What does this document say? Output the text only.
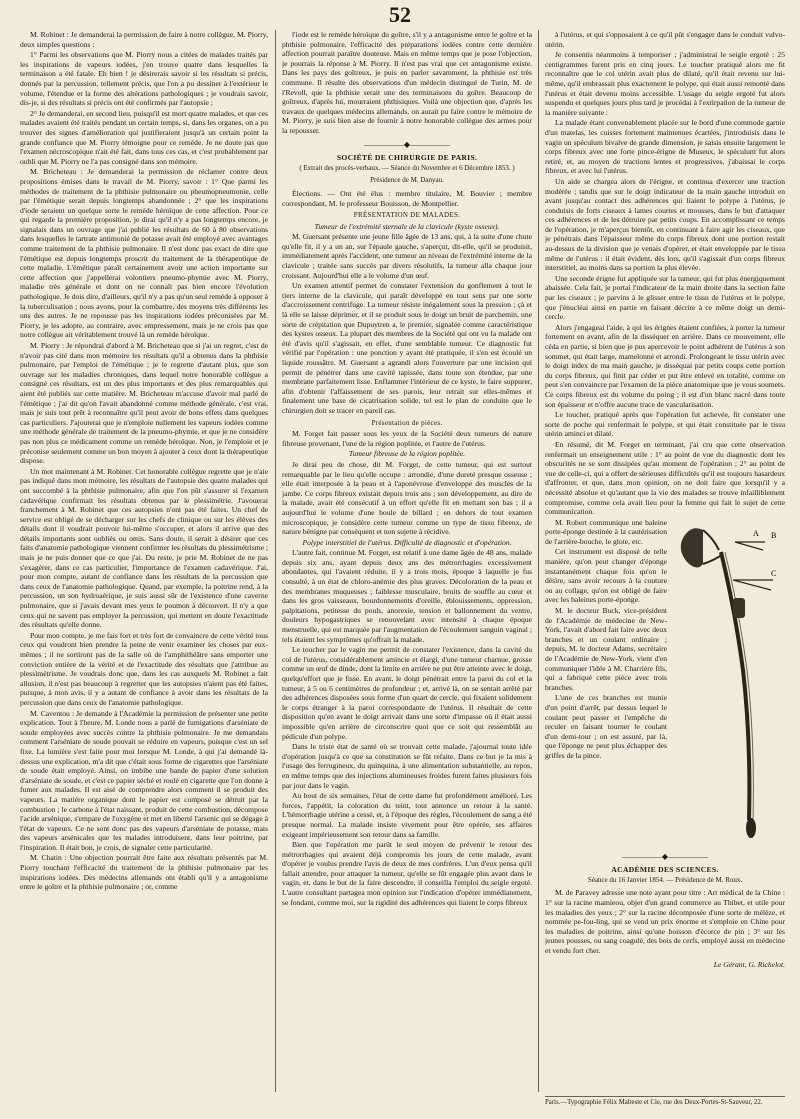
52

M. Robinet : Je demanderai la permission de faire à notre collègue, M. Piorry, deux simples questions :

1° Parmi les observations que M. Piorry nous a citées de malades traités par les inspirations de vapeurs iodées, j'en trouve quatre dans lesquelles la terminaison a été fatale. Eh bien ! je désirerais savoir si les résultats si précis, donnés par la percussion, tellement précis, que l'on a pu dessiner à l'extérieur le volume, l'étendue et la forme des altérations pathologiques ; je voudrais savoir, dis-je, si des résultats si précis ont été confirmés par l'autopsie ;

2° Je demanderai, en second lieu, puisqu'il est mort quatre malades, et que ces malades avaient été traités pendant un certain temps, si, dans les organes, on a pu trouver des signes d'amélioration qui justifieraient jusqu'à un certain point la grande confiance que M. Piorry témoigne pour ce remède. Je ne doute pas que l'examen nécroscopique n'ait été fait, dans tous ces cas, et c'est probablement par oubli que M. Piorry ne l'a pas consigné dans son mémoire.

M. Bricheteau : Je demanderai la permission de réclamer contre deux propositions émises dans le travail de M. Piorry, savoir : 1° Que parmi les méthodes de traitement de la phthisie pulmonaire ou pheumopneumonie, celle par l'émétique serait depuis longtemps abandonnée ; 2° que les inspirations d'iode seraient un quelque sorte le remède héroïque de cette affection. Pour ce qui regarde la première proposition, je dirai qu'il n'y a pas longtemps encore, je signalais dans un ouvrage que j'ai publié les résultats de 60 à 80 observations dans lesquelles le tartrate antimonié de potasse avait été employé avec avantages comme traitement de la phthisie pulmonaire. Il n'est donc pas exact de dire que l'émétique est depuis longtemps proscrit du traitement de la thérapeutique de cette maladie. L'émétique paraît certainement avoir une action importante sur cette affection que j'appellerai volontiers pneumo-phymie avec M. Piorry, maladie très générale et dont on ne connaît pas bien encore l'évolution pathologique. Je dois dire, d'ailleurs, qu'il n'y a pas qu'un seul remède à opposer à la tuberculisation ; nous avons, pour la combattre, des moyens très différents les uns des autres. Je ne repousse pas les inspirations iodées préconisées par M. Piorry, je les adopte, au contraire, avec empressement, mais je ne crois pas que notre collègue ait véritablement trouvé là un remède héroïque.

M. Piorry : Je répondrai d'abord à M. Bricheteau que si j'ai un regret, c'est de n'avoir pas cité dans mon mémoire les résultats qu'il a obtenus dans la phthisie pulmonaire, par l'emploi de l'émétique ; je le regrette d'autant plus, que son ouvrage sur les maladies chroniques, dans lequel notre honorable collègue a consigné ces résultats, est un des plus importants et des plus remarquables qui aient été publiés sur cette matière. M. Bricheteau m'accuse d'avoir mal parlé de l'émétique ; j'ai dit qu'on l'avait abandonné comme méthode générale, c'est vrai, mais je suis tout prêt à reconnaître qu'il peut avoir de bons effets dans quelques cas particuliers. J'ajouterai que je n'emploie nullement les vapeurs iodées comme une méthode générale de traitement de la pneumo-phymie, et que je ne considère pas non plus ce médicament comme un remède héroïque. Non, je l'emploie et je préconise seulement comme un bon moyen à ajouter à ceux dont la thérapeutique dispose.

Un mot maintenant à M. Robinet. Cet honorable collègue regrette que je n'aie pas indiqué dans mon mémoire, les résultats de l'autopsie des quatre malades qui ont succombé à la phthisie pulmonaire, afin que l'on pût s'assurer si l'examen cadavérique confirmait les résultats obtenus par le plessimétrie. J'avouerai franchement à M. Robinet que ces autopsies n'ont pas été faites. Un chef de service est obligé de se décharger sur les chefs de clinique ou sur les élèves des détails dont il voudrait pouvoir lui-même s'occuper, et alors il arrive que des détails importants sont oubliés ou omis. Sans doute, il serait à désirer que ces faits d'anatomie pathologique viennent confirmer les résultats du plessimétrisme ; mais je ne puis donner que ce que j'ai. Du reste, je prie M. Robinet de ne pas s'exagérer, dans ce cas particulier, l'importance de l'examen cadavérique. J'ai, pour mon compte, autant de confiance dans les résultats de la percussion que dans ceux de l'anatomie pathologique. Quand, par exemple, la poitrine rend, à la percussion, un son hydroaérique, je suis aussi sûr de l'existence d'une caverne pulmonaire, que si j'avais devant mes yeux le poumon à découvert. Il n'y a que ceux qui ne savent pas employer la percussion, qui mettent en doute l'exactitude des résultats qu'elle donne.

Pour mon compte, je me fais fort et très fort de convaincre de cette vérité tous ceux qui voudront bien prendre la peine de venir examiner les choses par eux-mêmes ; il ne sortiront pas de la salle où de l'amphithéâtre sans emporter une conviction entière de la vérité et de l'exactitude des résultats que j'attribue au plessimétrisme. Je voudrais donc que, dans les cas auxquels M. Robinet a fait allusion, il n'est pas beaucoup à regretter que les autopsies n'aient pas été faites, puisque, à mon avis, il y a autant de confiance à avoir dans les résultats de la percussion que dans ceux de l'anatomie pathologique.

M. Caventou : Je demande à l'Académie la permission de présenter une petite explication. Tout à l'heure, M. Londe nous a parlé de fumigations d'arséniate de soude employées avec succès contre la phthisie pulmonaire. Je me demandais comment l'arséniate de soude pouvait se réduire en vapeurs, puisque c'est un sel fixe. La lumière s'est faite pour moi lorsque M. Londe, à qui j'ai demandé là-dessus une explication, m'a dit que c'était sous forme de cigarettes que l'arséniate de soude était employé. Ainsi, on imbibe une bande de papier d'une solution d'arséniate de soude, et c'est ce papier séché et roulé en cigarette que l'on donne à fumer aux malades. Il est aisé de comprendre alors comment il se produit des vapeurs. La matière organique dont le papier est composé se détruit par la combustion ; le carbone à l'état naissant, produit de cette combustion, décompose l'acide arsénique, s'empare de l'oxygène et met en liberté l'arsenic qui se dégage à l'état de vapeurs. Ce ne sont donc pas des vapeurs d'arséniate de potasse, mais des vapeurs arsénicales que les malades introduisent, dans leur poitrine, par l'inspiration. Il était bon, je crois, de signaler cette particularité.

M. Chatin : Une objection pourrait être faite aux résultats présentés par M. Piorry touchant l'efficacité du traitement de la phthisie pulmonaire par les inspirations iodées. Des médecins allemands ont établi qu'il y a antagonisme entre le goître et la phthisie pulmonaire ; or, comme

l'iode est le remède héroïque du goître, s'il y a antagonisme entre le goître et la phthisie pulmonaire, l'efficacité des préparations iodées contre cette dernière affection pourrait paraître douteuse. Mais en même temps que je pose l'objection, je pourrais la réponse à M. Piorry. Il n'est pas vrai que cet antagonisme existe. Dans les pays des goîtreux, je puis en parler savamment, la phthisie est très commune. Il résulte des observations d'un médecin distingué de Turin, M. de l'Revoll, que la phthisie serait une des terminaisons du goître. Beaucoup de goîtreux, d'après lui, mourraient phthisiques. Voilà une objection que, d'après les travaux de quelques médecins allemands, on aurait pu faire contre le mémoire de M. Piorry, je suis bien aise de fournir à notre honorable collègue des armes pour la repousser.

—————◆—————

SOCIÉTÉ DE CHIRURGIE DE PARIS.

( Extrait des procès-verbaux. — Séance du Novembre et 6 Décembre 1853. )

Présidence de M. Danyau.

Élections. — Ont été élus : membre titulaire, M. Bouvier ; membre correspondant, M. le professeur Bouisson, de Montpellier.

PRÉSENTATION DE MALADES.

Tumeur de l'extrémité sternale de la clavicule (kyste osseux).

M. Guersant présente une jeune fille âgée de 13 ans, qui, à la suite d'une chute qu'elle fit, il y a un an, sur l'épaule gauche, s'aperçut, dit-elle, qu'il se produisit, immédiatement après l'accident, une tumeur au niveau de l'extrémité interne de la clavicule ; traitée sans succès par divers résolutifs, la tumeur alla chaque jour croissant. Aujourd'hui elle a le volume d'un œuf.

Un examen attentif permet de constater l'extension du gonflement à tout le tiers interne de la clavicule, qui paraît développé en tout sens par une sorte d'accroissement centrifuge. La tumeur résiste inégalement sous la pression ; çà et là elle se laisse déprimer, et il se produit sous le doigt un bruit de parchemin, une sorte de crépitation que Dupuytren a, le premier, signalée comme caractéristique des kystes osseux. La plupart des membres de la Société qui ont vu la malade ont été d'avis qu'il s'agissait, en effet, d'une semblable tumeur. Ce diagnostic fut vérifié par l'opération : une ponction y ayant été pratiquée, il s'en est écoulé un liquide roussâtre. M. Guersant a agrandi alors l'ouverture par une incision qui permit de pénétrer dans une cavité tapissée, dans toute son étendue, par une membrane parfaitement lisse. Enflammer l'intérieur de ce kyste, le faire suppurer, afin d'obtenir l'affaissement de ses parois, leur retrait sur elles-mêmes et finalement une base de cicatrisation solide, tel est le plan de conduite que le chirurgien doit se tracer en pareil cas.

Présentation de pièces.

M. Forget fait passer sous les yeux de la Société deux tumeurs de nature fibreuse provenant, l'une de la région poplitée, et l'autre de l'utérus.

Tumeur fibreuse de la région poplitée.

Je dirai peu de chose, dit M. Forget, de cette tumeur, qui est surtout remarquable par le lieu qu'elle occupe : arrondie, d'une dureté presque osseuse ; elle était interposée à la peau et à l'aponévrose d'enveloppe des muscles de la jambe. Ce corps fibreux existait depuis trois ans ; son développement, au dire de la malade, avait été consécutif à un effort qu'elle fit en mettant son bas ; il a aujourd'hui le volume d'une boule de billard ; en dehors de tout examen microscopique, je considère cette tumeur comme un type de tissu fibreux, de nature bénigne par conséquent et non sujette à récidive.

Polype interstitiel de l'utérus. Difficulté de diagnostic et d'opération.

L'autre fait, continue M. Forget, est relatif à une dame âgée de 48 ans, malade depuis six ans, ayant depuis deux ans des métrorrhagies excessivement abondantes, qui l'avaient réduite, il y a trois mois, époque à laquelle je fus consulté, à un état de chloro-anémie des plus graves. Décoloration de la peau et des membranes muqueuses ; faiblesse musculaire, bruits de souffle au cœur et dans les gros vaisseaux, bourdonnements d'oreille, éblouissements, oppression, palpitations, petitesse du pouls, anorexie, tension et ballonnement du ventre, douleurs hypogastriques se renouvelant avec intensité à chaque époque menstruelle, qui est marquée par l'augmentation de l'écoulement sanguin vaginal ; tels étaient les symptômes qu'offrait la malade.

Le toucher par le vagin me permit de constater l'existence, dans la cavité du col de l'utérus, considérablement amincie et élargi, d'une tumeur charnue, grosse comme un œuf de dinde, dont la limite en arrière ne put être atteinte avec le doigt, quelqu'effort que je fisse. En avant, le doigt pénétrait entre la paroi du col et la tumeur, à 5 ou 6 centimètres de profondeur ; et, arrivé là, on se sentait arrêté par des adhérences disposées sous forme d'un quart de cercle, qui fixaient solidement le corps étranger à la paroi correspondante de l'utérus. Il résultait de cette disposition qu'en avant le doigt arrivait dans une sorte d'impasse où il était aussi impossible qu'en arrière de circonscrire quoi que ce soit qui ressemblât au pédicule d'un polype.

Dans le triste état de santé où se trouvait cette malade, j'ajournai toute idée d'opération jusqu'à ce que sa constitution se fût refaite. Dans ce but je la mis à l'usage des ferrugineux, du quinquina, à une alimentation substantielle, au repos, en même temps que des injections alumineuses froides furent faites plusieurs fois par jour dans le vagin.

Au bout de six semaines, l'état de cette dame fut profondément amélioré. Les forces, l'appétit, la coloration du teint, tout annonce un retour à la santé. L'hémorrhagie utérine a cessé, et, à l'époque des règles, l'écoulement de sang a été presque normal. La malade insiste vivement pour être opérée, ses affaires exigeant impérieusement son retour dans sa famille.

Bien que l'opération me parût le seul moyen de prévenir le retour des métrorrhagies qui avaient déjà compromis les jours de cette malade, avant d'opérer je voulus prendre l'avis de deux de mes confrères. L'un d'eux pensa qu'il fallait attendre, pour attaquer la tumeur, qu'elle se fût engagée plus avant dans le vagin, et, dans le but de la faire descendre, il conseilla l'emploi du seigle ergoté. L'autre consultant partagea mon opinion sur l'indication d'opérer immédiatement, se fondant, comme moi, sur la rigidité des adhérences qui liaient le corps fibreux

à l'utérus, et qui s'opposaient à ce qu'il pût s'engager dans le conduit vulvo-utérin.

Je consentis néanmoins à temporiser ; j'administrai le seigle ergoté : 25 centigrammes furent pris en cinq jours. Le toucher pratiqué alors me fit reconnaître que le col utérin avait plus de dilaté, qu'il était revenu sur lui-même, qu'il embrassait plus exactement le polype, qui était aussi remonté dans l'utérus et était devenu moins accessible. L'usage du seigle ergoté fut alors suspendu et quelques jours plus tard je procédai à l'extirpation de la tumeur de la manière suivante :

La malade étant convenablement placée sur le bord d'une commode garnie d'un matelas, les cuisses fortement maintenues écartées, j'introduisis dans le vagin un spéculum bivalve de grande dimension, je saisis ensuite largement le corps fibreux avec une forte pince-érigne de Museux, le spéculum fut alors retiré, et, au moyen de tractions lentes et progressives, j'abaissai le corps fibreux, et avec lui l'utérus.

Un aide se chargea alors de l'érigne, et continua d'exercer une traction modérée ; tandis que sur le doigt indicateur de la main gauche introduit en avant jusqu'au contact des adhérences qui liaient le polype à l'utérus, je conduisis de forts ciseaux à lames courtes et mousses, dans le but d'attaquer ces adhérences et de les détruire par petits coups. En accomplissant ce temps de l'opération, je m'aperçus bientôt, en continuant à faire agir les ciseaux, que je pénétrais dans l'épaisseur même du corps fibreux dont une portion restait au-dessus de la division que je venais d'opérer, et était enveloppée par le tissu même de l'utérus : il était évident, dès lors, qu'il s'agissait d'un corps fibreux interstitiel, au moins dans sa portion la plus élevée.

Une seconde érigne fut appliquée sur la tumeur, qui fut plus énergiquement abaissée. Cela fait, je portai l'indicateur de la main droite dans la section faite par les ciseaux ; je parvins à le glisser entre le tissu de l'utérus et le polype, que j'énucléai ainsi en partie en faisant décrire à ce même doigt un demi-cercle.

Alors j'engageai l'aide, à qui les érignes étaient confiées, à porter la tumeur fortement en avant, afin de la disséquer en arrière. Dans ce mouvement, elle céda en partie, si bien que je pus apercevoir le point adhérent de l'utérus à son sommet, qui était large, mamelonné et arrondi. Prolongeant le tissu utérin avec le doigt index de ma main gauche, je disséquai par petits coups cette portion du corps fibreux, qui finit par céder et put être enlevé en totalité, comme on peut s'en convaincre par l'examen de la pièce anatomique que je vous soumets. Ce corps fibreux est du volume du poing ; il est d'un blanc nacré dans toute son épaisseur et n'offre aucune trace de vascularisation.

Le toucher, pratiqué après que l'opération fut achevée, fit constater une sorte de poche qui renfermait le polype, et qui était constituée par le tissu utérin aminci et dilaté.

En résumé, dit M. Forget en terminant, j'ai cru que cette observation renfermait un enseignement utile : 1° au point de vue du diagnostic dont les obscurités ne se sont dissipées qu'au moment de l'opération ; 2° au point de vue de celle-ci, qui a offert de sérieuses difficultés qu'il est toujours hasardeux d'affronter, et que, dans mon opinion, on ne doit faire que lorsqu'il y a nécessité absolue et qu'autant que la vie des malades se trouve infailliblement compromise, comme cela avait lieu pour la femme qui fait le sujet de cette communication.

A B
C

M. Robert communique une baleine porte-éponge destinée à la cautérisation de l'arrière-bouche, le glote, etc.

Cet instrument est disposé de telle manière, qu'on peut changer d'éponge instantanément chaque fois qu'on le désire, sans avoir recours à la couture ou au collage, qu'on est obligé de faire avec les baleines porte-éponge.

M. le docteur Buck, vice-président de l'Académie de médecine de New-York, l'avait d'abord fait faire avec deux branches et un coulant ordinaire ; depuis, M. le docteur Adams, secrétaire de l'Académie de New-York, vient d'en communiquer l'idée à M. Charrière fils, qui a fabriqué cette pièce avec trois branches.

L'une de ces branches est munie d'un point d'arrêt, par dessus lequel le coulant peut passer et l'empêche de reculer en faisant tourner le coulant d'un demi-tour ; on est assuré, par là, que l'éponge ne peut plus échapper des griffes de la pince.

—————◆—————

ACADÉMIE DES SCIENCES.

Séance du 16 Janvier 1854. — Présidence de M. Roux.

M. de Paravey adresse une note ayant pour titre : Art médical de la Chine : 1° sur la racine mamieou, objet d'un grand commerce au Thibet, et utile pour les maladies des yeux ; 2° sur la racine décomposée d'une sorte de mélèze, et nommée pe-fou-ling, qui se vend un prix énorme et s'emploie en Chine pour les maladies de poitrine, ainsi qu'une boisson d'écorce de pin ; 3° sur les jeunes pousses, ou sang coagulé, des bois de cerfs, employé aussi en médecine et vendu fort cher.

Le Gérant, G. Richelot.

Paris.—Typographie Félix Malteste et Cie, rue des Deux-Portes-St-Sauveur, 22.
